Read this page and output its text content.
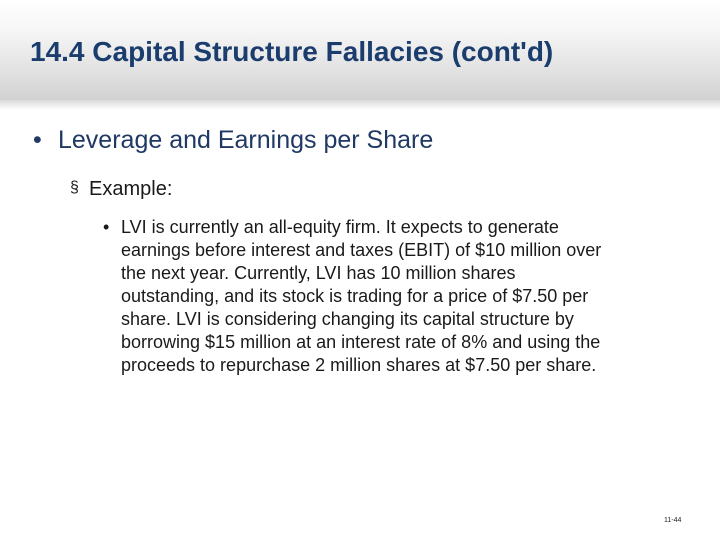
14.4 Capital Structure Fallacies (cont'd)
• Leverage and Earnings per Share
§ Example:
• LVI is currently an all-equity firm. It expects to generate
earnings before interest and taxes (EBIT) of $10 million over
the next year. Currently, LVI has 10 million shares
outstanding, and its stock is trading for a price of $7.50 per
share. LVI is considering changing its capital structure by
borrowing $15 million at an interest rate of 8% and using the
proceeds to repurchase 2 million shares at $7.50 per share.
11-44
